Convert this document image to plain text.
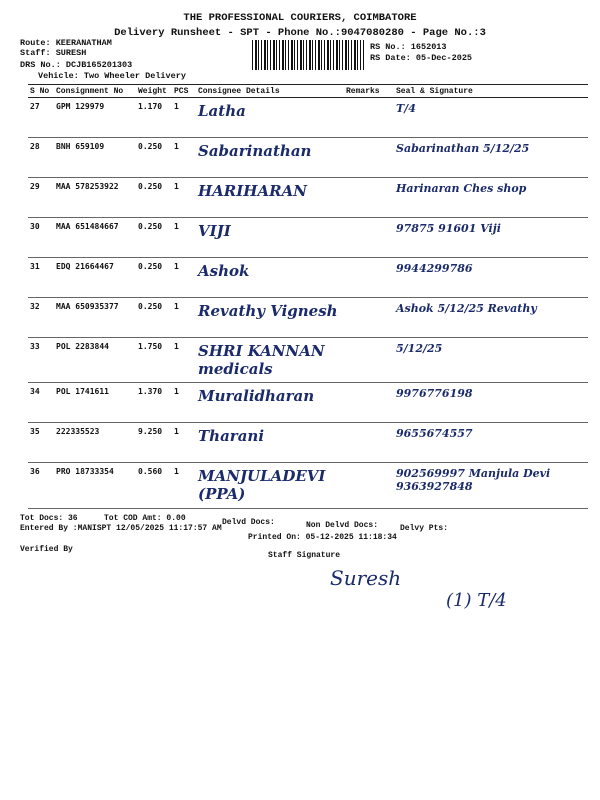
THE PROFESSIONAL COURIERS, COIMBATORE
Delivery Runsheet - SPT - Phone No.:9047080280 - Page No.:3
Route: KEERANATHAM
Staff: SURESH
DRS No.: DCJB165201303
Vehicle: Two Wheeler Delivery
RS No.: 1652013
RS Date: 05-Dec-2025
S No	Consignment No	Weight	PCS	Consignee Details	Remarks	Seal & Signature
27	GPM 129979	1.170	1	Latha		T/4
28	BNH 659109	0.250	1	Sabarinathan		Sabarinathan 5/12/25
29	MAA 578253922	0.250	1	HARIHARAN		Harinaran Ches shop
30	MAA 651484667	0.250	1	VIJI		97875 91601 Viji
31	EDQ 21664467	0.250	1	Ashok		9944299786
32	MAA 650935377	0.250	1	Revathy Vignesh		Ashok 5/12/25 Revathy
33	POL 2283844	1.750	1	SHRI KANNAN medicals		5/12/25
34	POL 1741611	1.370	1	Muralidharan		9976776198
35	222335523	9.250	1	Tharani		9655674557
36	PRO 18733354	0.560	1	MANJULADEVI (PPA)		902569997 Manjula Devi 9363927848
Tot Docs: 36	Tot COD Amt: 0.00	Delvd Docs:	Non Delvd Docs:	Delvy Pts:
Entered By :MANISPT 12/05/2025 11:17:57 AM
Printed On: 05-12-2025 11:18:34
Verified By
Staff Signature
Suresh
(1) T/4
